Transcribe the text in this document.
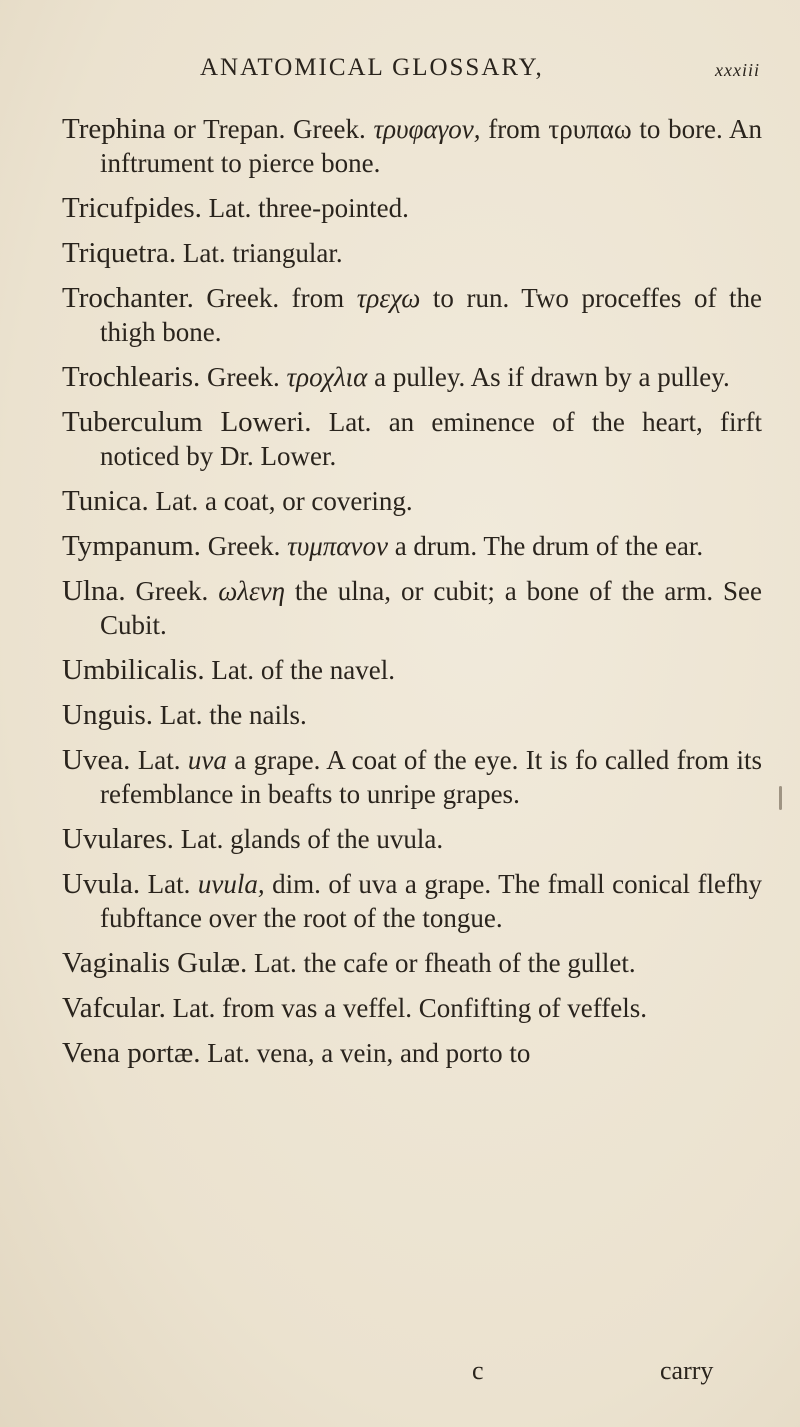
ANATOMICAL GLOSSARY,	xxxiii

Trephina or Trepan. Greek. τρυφαγον, from τρυπαω to bore. An inftrument to pierce bone.

Tricufpides. Lat. three-pointed.

Triquetra. Lat. triangular.

Trochanter. Greek. from τρεχω to run. Two proceffes of the thigh bone.

Trochlearis. Greek. τροχλια a pulley. As if drawn by a pulley.

Tuberculum Loweri. Lat. an eminence of the heart, firft noticed by Dr. Lower.

Tunica. Lat. a coat, or covering.

Tympanum. Greek. τυμπανον a drum. The drum of the ear.

Ulna. Greek. ωλενη the ulna, or cubit; a bone of the arm. See Cubit.

Umbilicalis. Lat. of the navel.

Unguis. Lat. the nails.

Uvea. Lat. uva a grape. A coat of the eye. It is fo called from its refemblance in beafts to unripe grapes.

Uvulares. Lat. glands of the uvula.

Uvula. Lat. uvula, dim. of uva a grape. The fmall conical flefhy fubftance over the root of the tongue.

Vaginalis Gulæ. Lat. the cafe or fheath of the gullet.

Vafcular. Lat. from vas a veffel. Confifting of veffels.

Vena portæ. Lat. vena, a vein, and porto to

c	carry
